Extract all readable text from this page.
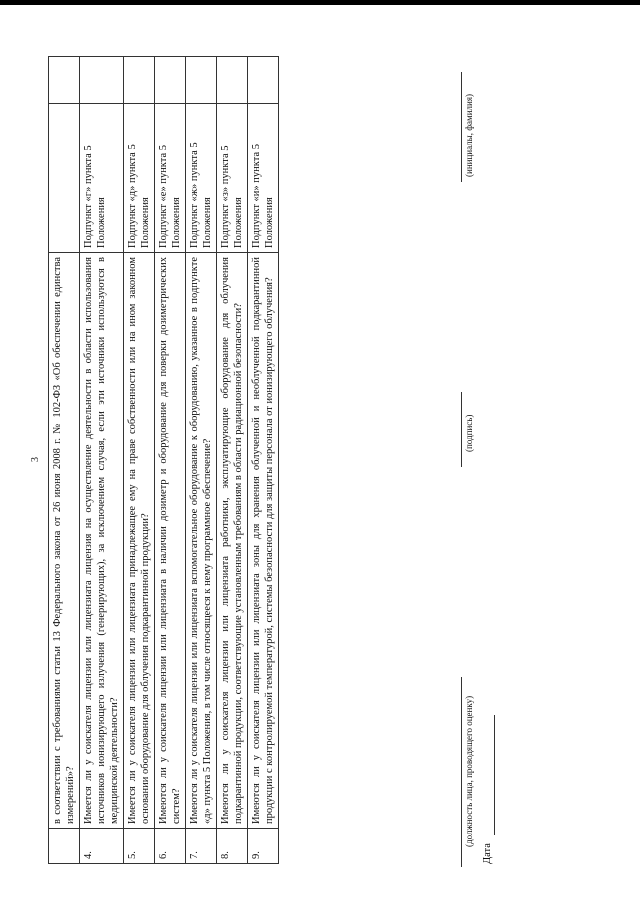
3
	в соответствии с требованиями статьи 13 Федерального закона от 26 июня 2008 г. № 102-ФЗ «Об обеспечении единства измерений»?		
4.	Имеется ли у соискателя лицензии или лицензиата лицензия на осуществление деятельности в области использования источников ионизирующего излучения (генерирующих), за исключением случая, если эти источники используются в медицинской деятельности?	Подпункт «г» пункта 5 Положения	
5.	Имеется ли у соискателя лицензии или лицензиата принадлежащее ему на праве собственности или на ином законном основании оборудование для облучения подкарантинной продукции?	Подпункт «д» пункта 5 Положения	
6.	Имеются ли у соискателя лицензии или лицензиата в наличии дозиметр и оборудование для поверки дозиметрических систем?	Подпункт «е» пункта 5 Положения	
7.	Имеются ли у соискателя лицензии или лицензиата вспомогательное оборудование к оборудованию, указанное в подпункте «д» пункта 5 Положения, в том числе относящееся к нему программное обеспечение?	Подпункт «ж» пункта 5 Положения	
8.	Имеются ли у соискателя лицензии или лицензиата работники, эксплуатирующие оборудование для облучения подкарантинной продукции, соответствующие установленным требованиям в области радиационной безопасности?	Подпункт «з» пункта 5 Положения	
9.	Имеются ли у соискателя лицензии или лицензиата зоны для хранения облученной и необлученной подкарантинной продукции с контролируемой температурой, системы безопасности для защиты персонала от ионизирующего облучения?	Подпункт «и» пункта 5 Положения	
(должность лица, проводящего оценку)
(подпись)
(инициалы, фамилия)
Дата
